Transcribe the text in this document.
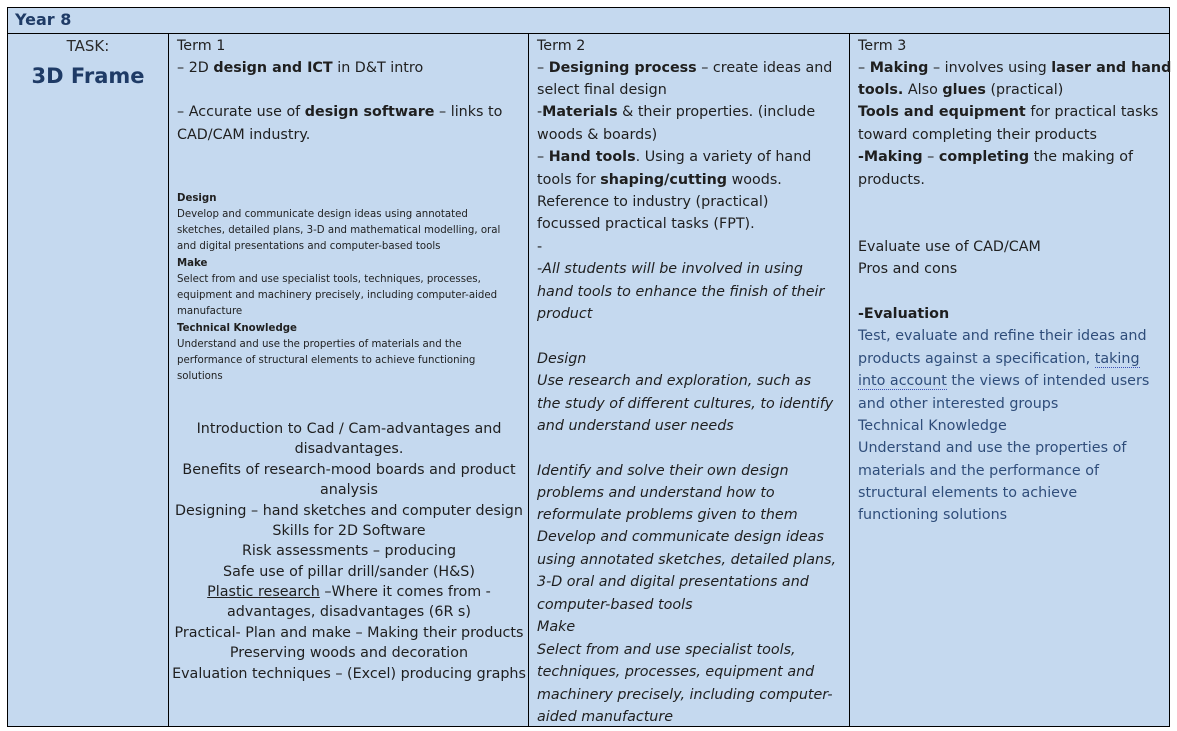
Year 8
TASK:
3D Frame
Term 1
– 2D design and ICT in D&T intro
– Accurate use of design software – links to
CAD/CAM industry.
Design
Develop and communicate design ideas using annotated
sketches, detailed plans, 3-D and mathematical modelling, oral
and digital presentations and computer-based tools
Make
Select from and use specialist tools, techniques, processes,
equipment and machinery precisely, including computer-aided
manufacture
Technical Knowledge
Understand and use the properties of materials and the
performance of structural elements to achieve functioning
solutions
Introduction to Cad / Cam-advantages and
disadvantages.
Benefits of research-mood boards and product
analysis
Designing – hand sketches and computer design
Skills for 2D Software
Risk assessments – producing
Safe use of pillar drill/sander (H&S)
Plastic research –Where it comes from -
advantages, disadvantages (6R s)
Practical- Plan and make – Making their products
Preserving woods and decoration
Evaluation techniques – (Excel) producing graphs
Term 2
– Designing process – create ideas and
select final design
-Materials & their properties. (include
woods & boards)
– Hand tools. Using a variety of hand
tools for shaping/cutting woods.
Reference to industry (practical)
focussed practical tasks (FPT).
-
-All students will be involved in using
hand tools to enhance the finish of their
product
Design
Use research and exploration, such as
the study of different cultures, to identify
and understand user needs
Identify and solve their own design
problems and understand how to
reformulate problems given to them
Develop and communicate design ideas
using annotated sketches, detailed plans,
3-D oral and digital presentations and
computer-based tools
Make
Select from and use specialist tools,
techniques, processes, equipment and
machinery precisely, including computer-
aided manufacture
Term 3
– Making – involves using laser and hand
tools. Also glues (practical)
Tools and equipment for practical tasks
toward completing their products
-Making – completing the making of
products.
Evaluate use of CAD/CAM
Pros and cons
-Evaluation
Test, evaluate and refine their ideas and
products against a specification, taking
into account the views of intended users
and other interested groups
Technical Knowledge
Understand and use the properties of
materials and the performance of
structural elements to achieve
functioning solutions
